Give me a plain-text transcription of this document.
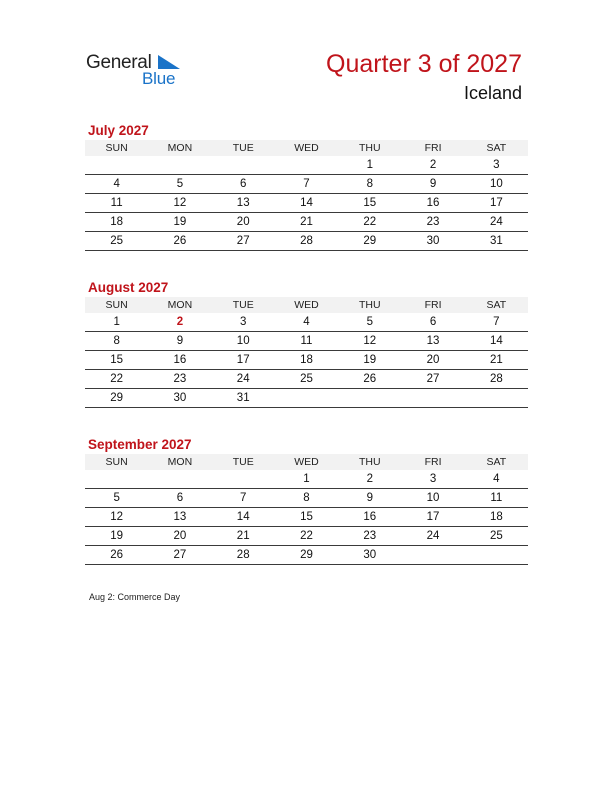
General
Blue
Quarter 3 of 2027
Iceland
July 2027
SUN	MON	TUE	WED	THU	FRI	SAT
				1	2	3
4	5	6	7	8	9	10
11	12	13	14	15	16	17
18	19	20	21	22	23	24
25	26	27	28	29	30	31
August 2027
SUN	MON	TUE	WED	THU	FRI	SAT
1	2	3	4	5	6	7
8	9	10	11	12	13	14
15	16	17	18	19	20	21
22	23	24	25	26	27	28
29	30	31				
September 2027
SUN	MON	TUE	WED	THU	FRI	SAT
			1	2	3	4
5	6	7	8	9	10	11
12	13	14	15	16	17	18
19	20	21	22	23	24	25
26	27	28	29	30		
Aug 2: Commerce Day
